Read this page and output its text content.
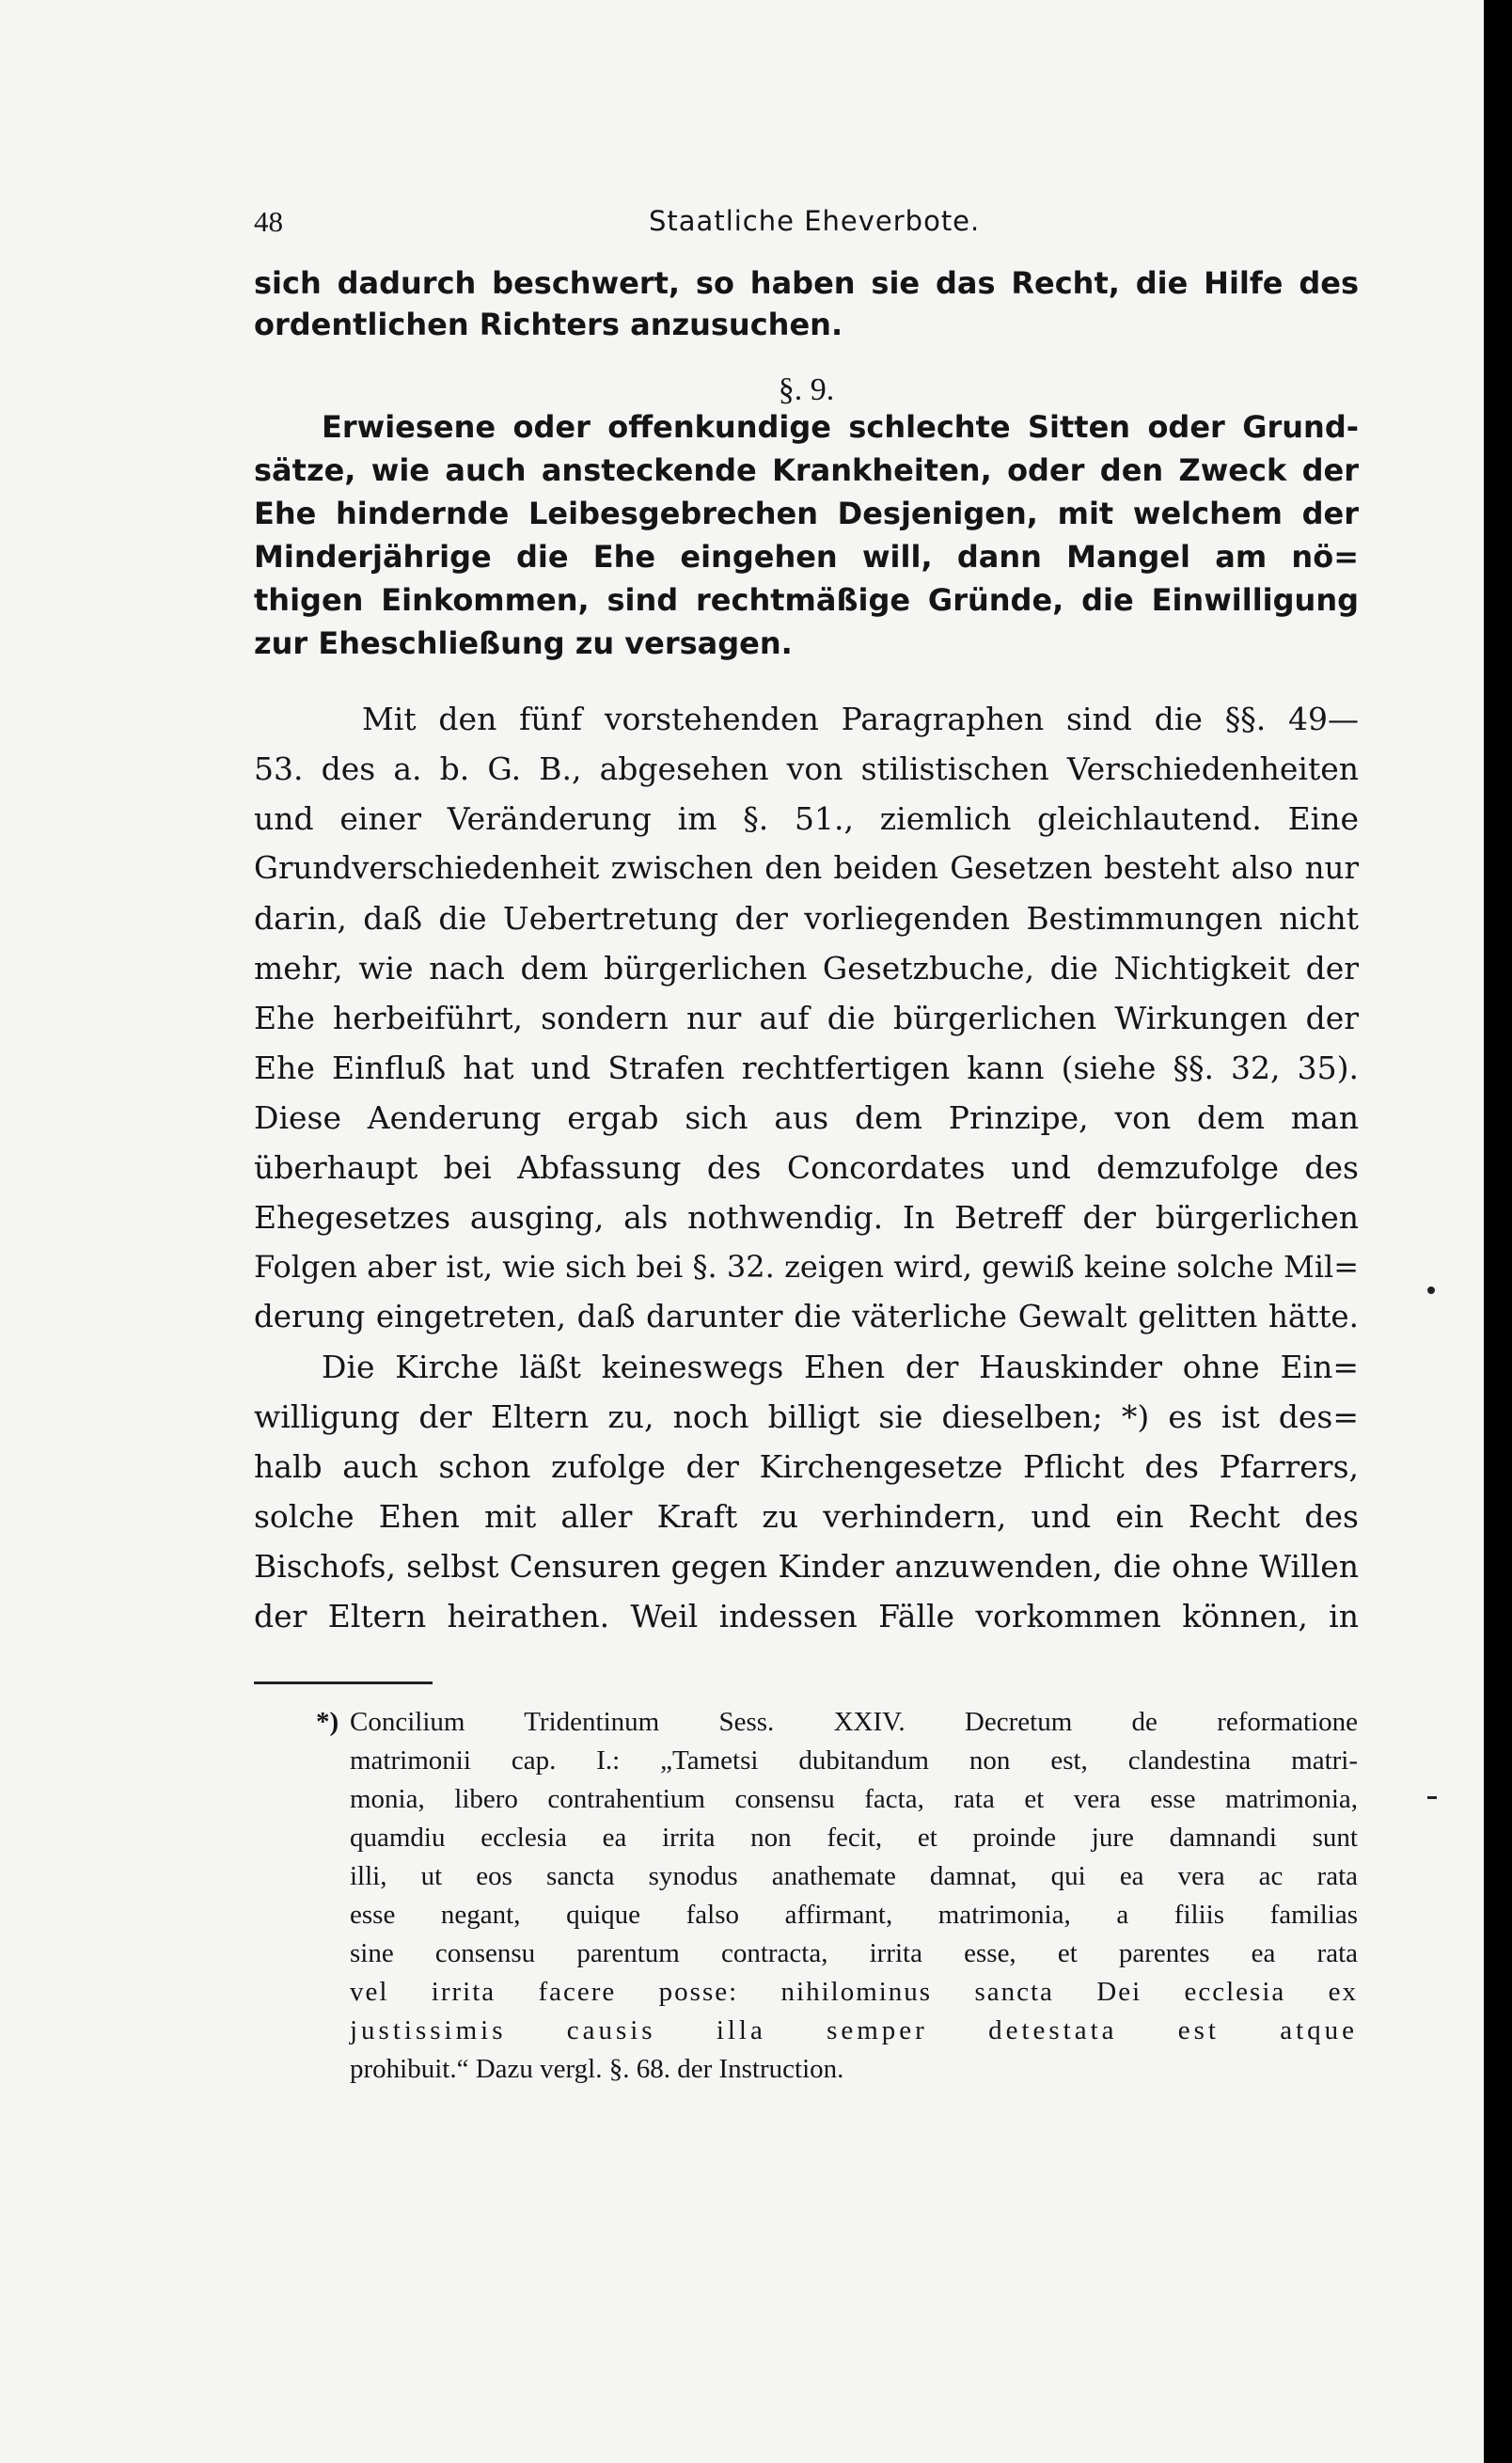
48	Staatliche Eheverbote.
sich dadurch beschwert, so haben sie das Recht, die Hilfe des
ordentlichen Richters anzusuchen.
§. 9.
Erwiesene oder offenkundige schlechte Sitten oder Grund-
sätze, wie auch ansteckende Krankheiten, oder den Zweck der
Ehe hindernde Leibesgebrechen Desjenigen, mit welchem der
Minderjährige die Ehe eingehen will, dann Mangel am nö=
thigen Einkommen, sind rechtmäßige Gründe, die Einwilligung
zur Eheschließung zu versagen.
Mit den fünf vorstehenden Paragraphen sind die §§. 49—
53. des a. b. G. B., abgesehen von stilistischen Verschiedenheiten
und einer Veränderung im §. 51., ziemlich gleichlautend. Eine
Grundverschiedenheit zwischen den beiden Gesetzen besteht also nur
darin, daß die Uebertretung der vorliegenden Bestimmungen nicht
mehr, wie nach dem bürgerlichen Gesetzbuche, die Nichtigkeit der
Ehe herbeiführt, sondern nur auf die bürgerlichen Wirkungen der
Ehe Einfluß hat und Strafen rechtfertigen kann (siehe §§. 32, 35).
Diese Aenderung ergab sich aus dem Prinzipe, von dem man
überhaupt bei Abfassung des Concordates und demzufolge des
Ehegesetzes ausging, als nothwendig. In Betreff der bürgerlichen
Folgen aber ist, wie sich bei §. 32. zeigen wird, gewiß keine solche Mil=
derung eingetreten, daß darunter die väterliche Gewalt gelitten hätte.
Die Kirche läßt keineswegs Ehen der Hauskinder ohne Ein=
willigung der Eltern zu, noch billigt sie dieselben; *) es ist des=
halb auch schon zufolge der Kirchengesetze Pflicht des Pfarrers,
solche Ehen mit aller Kraft zu verhindern, und ein Recht des
Bischofs, selbst Censuren gegen Kinder anzuwenden, die ohne Willen
der Eltern heirathen. Weil indessen Fälle vorkommen können, in
*) Concilium Tridentinum Sess. XXIV. Decretum de reformatione
matrimonii cap. I.: „Tametsi dubitandum non est, clandestina matri-
monia, libero contrahentium consensu facta, rata et vera esse matrimonia,
quamdiu ecclesia ea irrita non fecit, et proinde jure damnandi sunt
illi, ut eos sancta synodus anathemate damnat, qui ea vera ac rata
esse negant, quique falso affirmant, matrimonia, a filiis familias
sine consensu parentum contracta, irrita esse, et parentes ea rata
vel irrita facere posse: nihilominus sancta Dei ecclesia ex
justissimis causis illa semper detestata est atque
prohibuit.“ Dazu vergl. §. 68. der Instruction.
